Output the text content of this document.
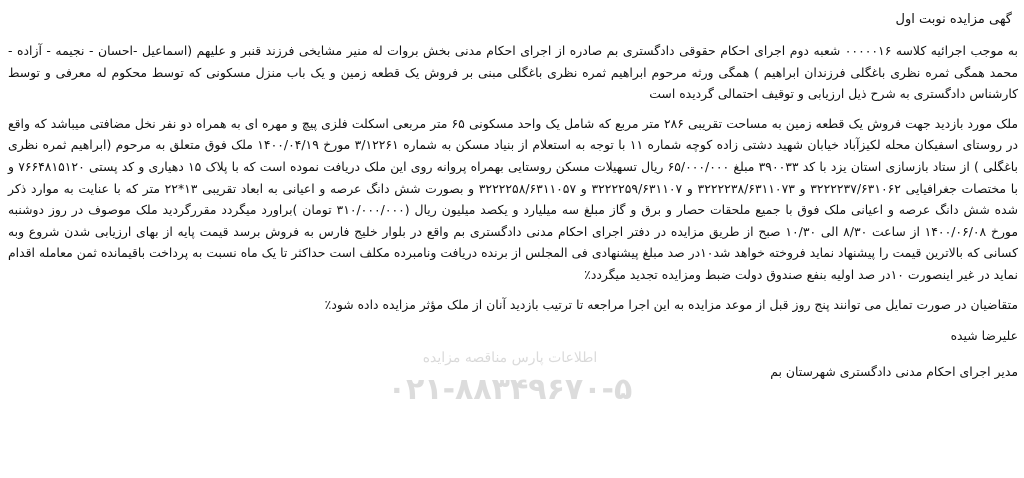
گهی مزایده نوبت اول

به موجب اجرائیه کلاسه ۰۰۰۰۰۱۶ شعبه دوم اجرای احکام حقوقی دادگستری بم صادره از اجرای احکام مدنی بخش بروات له منیر مشایخی فرزند قنبر و علیهم (اسماعیل -احسان - نجیمه - آزاده - محمد همگی ثمره نظری باغگلی فرزندان ابراهیم ) همگی ورثه مرحوم ابراهیم ثمره نظری باغگلی مبنی بر فروش یک قطعه زمین و یک باب منزل مسکونی که توسط محکوم له معرفی و توسط کارشناس دادگستری به شرح ذیل ارزیابی و توقیف احتمالی گردیده است

ملک مورد بازدید جهت فروش یک قطعه زمین به مساحت تقریبی ۲۸۶ متر مربع که شامل یک واحد مسکونی ۶۵ متر مربعی اسکلت فلزی پیچ و مهره ای به همراه دو نفر نخل مضافتی میباشد که واقع در روستای اسفیکان محله لکیزآباد خیابان شهید دشتی زاده کوچه شماره ۱۱ با توجه به استعلام از بنیاد مسکن به شماره ۳/۱۲۲۶۱ مورخ ۱۴۰۰/۰۴/۱۹ ملک فوق متعلق به مرحوم (ابراهیم ثمره نظری باغگلی ) از ستاد بازسازی استان یزد با کد ۳۹۰۰۳۳ مبلغ ۶۵/۰۰۰/۰۰۰ ریال تسهیلات مسکن روستایی بهمراه پروانه روی این ملک دریافت نموده است که با پلاک ۱۵ دهیاری و کد پستی ۷۶۶۴۸۱۵۱۲۰ و با مختصات جغرافیایی ۳۲۲۲۲۳۷/۶۳۱۰۶۲ و ۳۲۲۲۲۳۸/۶۳۱۱۰۷۳ و ۳۲۲۲۲۵۹/۶۳۱۱۰۷ و ۳۲۲۲۲۵۸/۶۳۱۱۰۵۷ و بصورت شش دانگ عرصه و اعیانی به ابعاد تقریبی ۱۳*۲۲ متر که با عنایت به موارد ذکر شده شش دانگ عرصه و اعیانی ملک فوق با جمیع ملحقات حصار و برق و گاز مبلغ سه میلیارد و یکصد میلیون ریال (۳۱۰/۰۰۰/۰۰۰ تومان )براورد میگردد مقررگردید ملک موصوف در روز دوشنبه مورخ ۱۴۰۰/۰۶/۰۸ از ساعت ۸/۳۰ الی ۱۰/۳۰ صبح از طریق مزایده در دفتر اجرای احکام مدنی دادگستری بم واقع در بلوار خلیج فارس به فروش برسد قیمت پایه از بهای ارزیابی شدن شروع وبه کسانی که بالاترین قیمت را پیشنهاد نماید فروخته خواهد شد۱۰در صد مبلغ پیشنهادی فی المجلس از برنده دریافت ونامبرده مکلف است حداکثر تا یک ماه نسبت به پرداخت باقیمانده ثمن معامله اقدام نماید در غیر اینصورت ۱۰در صد اولیه بنفع صندوق دولت ضبط ومزایده تجدید میگردد٪

متقاضیان در صورت تمایل می توانند پنج روز قبل از موعد مزایده به این اجرا مراجعه تا ترتیب بازدید آنان از ملک مؤثر مزایده داده شود٪

علیرضا شیده
مدیر اجرای احکام مدنی دادگستری شهرستان بم
اطلاعات پارس مناقصه مزایده
۰۲۱-۸۸۳۴۹۶۷۰-۵
